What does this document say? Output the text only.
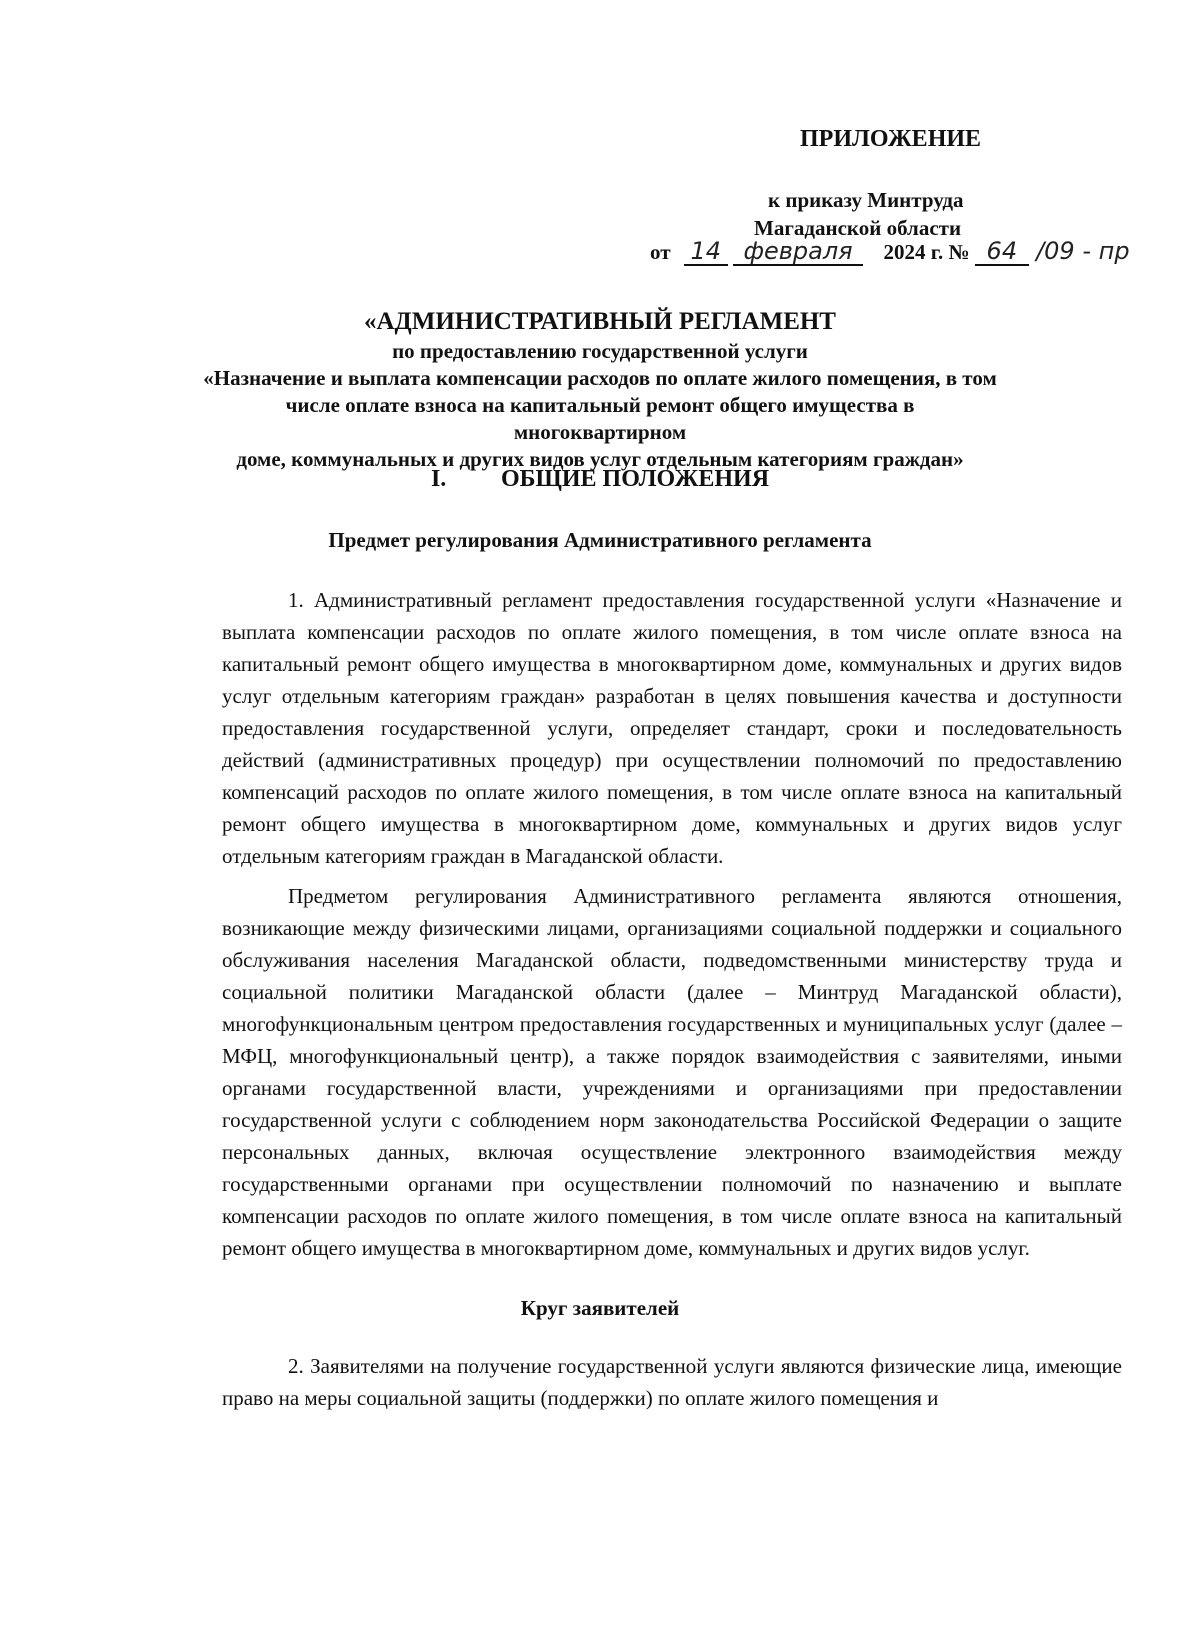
ПРИЛОЖЕНИЕ
к приказу Минтруда
Магаданской области
от 14 февраля 2024 г. № 64 /09 - пр
«АДМИНИСТРАТИВНЫЙ РЕГЛАМЕНТ
по предоставлению государственной услуги
«Назначение и выплата компенсации расходов по оплате жилого помещения, в том
числе оплате взноса на капитальный ремонт общего имущества в многоквартирном
доме, коммунальных и других видов услуг отдельным категориям граждан»
I. ОБЩИЕ ПОЛОЖЕНИЯ
Предмет регулирования Административного регламента
1. Административный регламент предоставления государственной услуги «Назначение и выплата компенсации расходов по оплате жилого помещения, в том числе оплате взноса на капитальный ремонт общего имущества в многоквартирном доме, коммунальных и других видов услуг отдельным категориям граждан» разработан в целях повышения качества и доступности предоставления государственной услуги, определяет стандарт, сроки и последовательность действий (административных процедур) при осуществлении полномочий по предоставлению компенсаций расходов по оплате жилого помещения, в том числе оплате взноса на капитальный ремонт общего имущества в многоквартирном доме, коммунальных и других видов услуг отдельным категориям граждан в Магаданской области.
Предметом регулирования Административного регламента являются отношения, возникающие между физическими лицами, организациями социальной поддержки и социального обслуживания населения Магаданской области, подведомственными министерству труда и социальной политики Магаданской области (далее – Минтруд Магаданской области), многофункциональным центром предоставления государственных и муниципальных услуг (далее – МФЦ, многофункциональный центр), а также порядок взаимодействия с заявителями, иными органами государственной власти, учреждениями и организациями при предоставлении государственной услуги с соблюдением норм законодательства Российской Федерации о защите персональных данных, включая осуществление электронного взаимодействия между государственными органами при осуществлении полномочий по назначению и выплате компенсации расходов по оплате жилого помещения, в том числе оплате взноса на капитальный ремонт общего имущества в многоквартирном доме, коммунальных и других видов услуг.
Круг заявителей
2. Заявителями на получение государственной услуги являются физические лица, имеющие право на меры социальной защиты (поддержки) по оплате жилого помещения и
